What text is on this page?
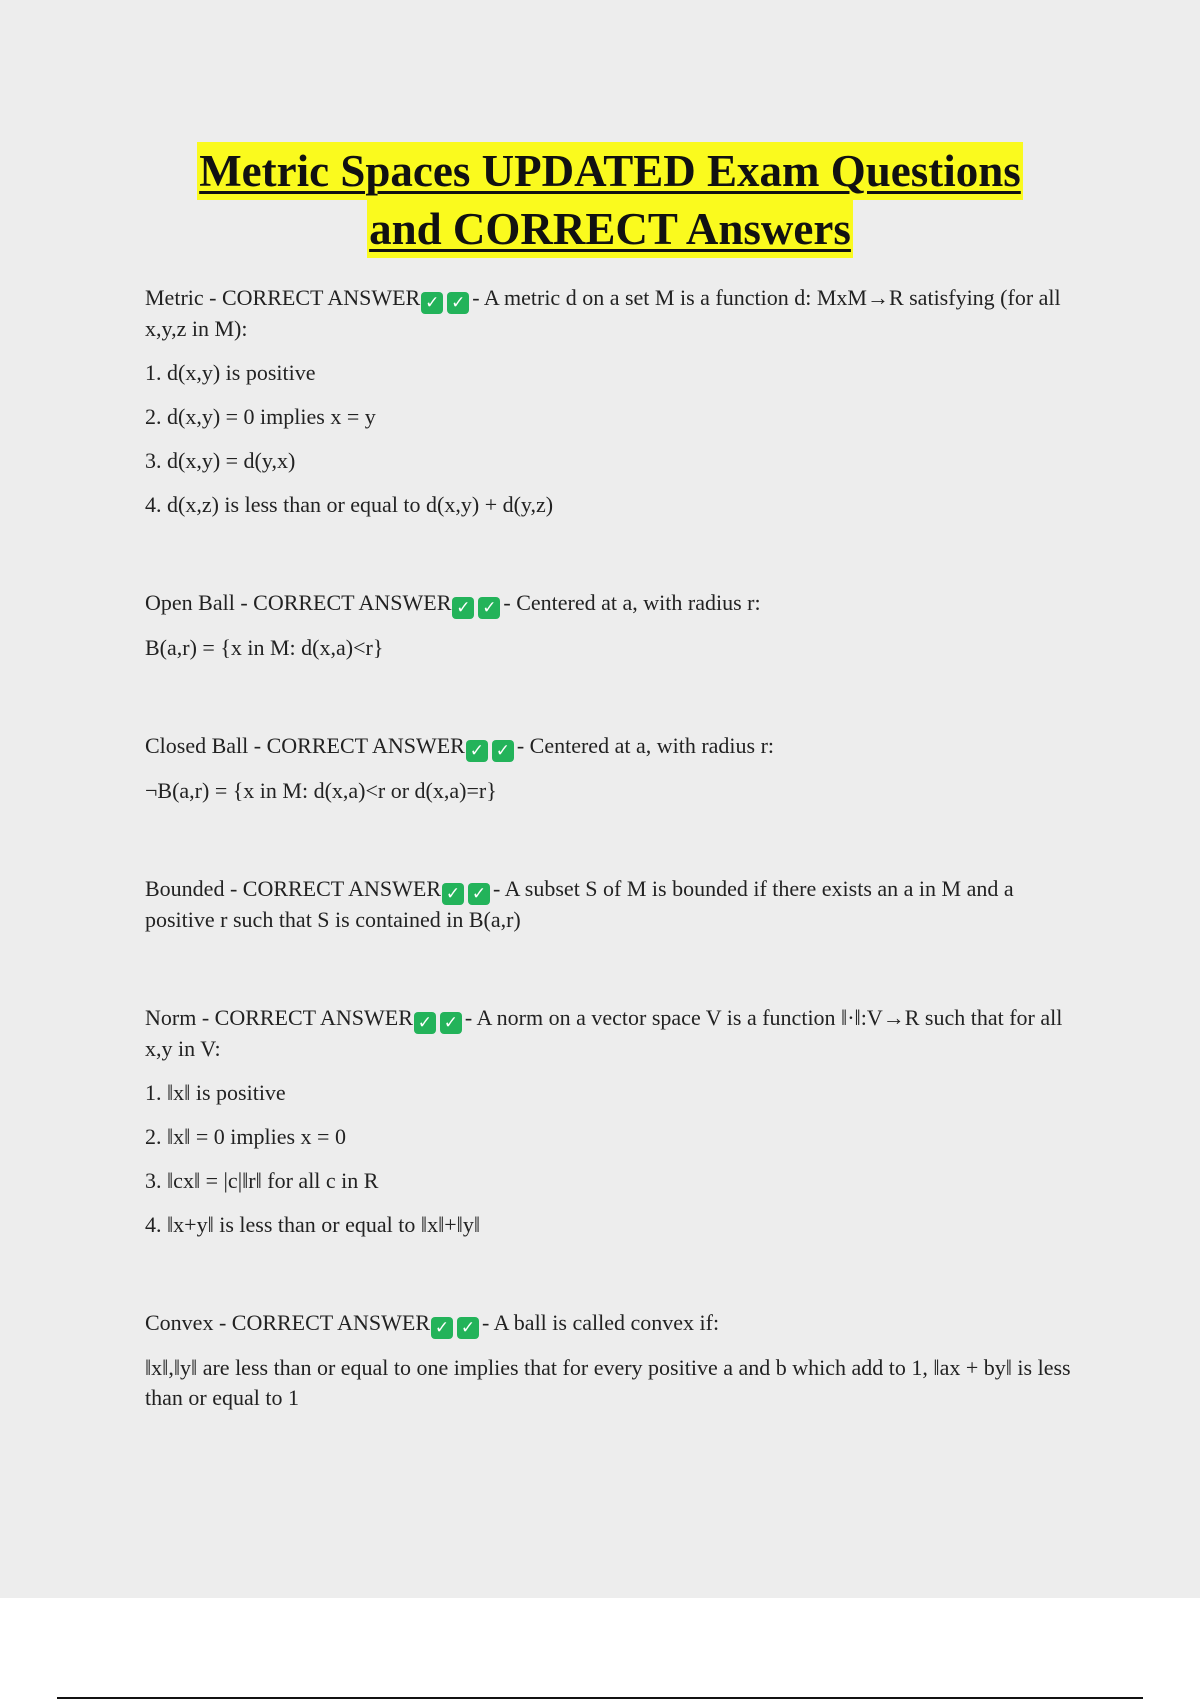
Metric Spaces UPDATED Exam Questions
and CORRECT Answers

Metric - CORRECT ANSWER ✓ ✓ - A metric d on a set M is a function d: MxM→R satisfying (for all x,y,z in M):

1. d(x,y) is positive

2. d(x,y) = 0 implies x = y

3. d(x,y) = d(y,x)

4. d(x,z) is less than or equal to d(x,y) + d(y,z)

Open Ball - CORRECT ANSWER ✓ ✓ - Centered at a, with radius r:

B(a,r) = {x in M: d(x,a)<r}

Closed Ball - CORRECT ANSWER ✓ ✓ - Centered at a, with radius r:

¬B(a,r) = {x in M: d(x,a)<r or d(x,a)=r}

Bounded - CORRECT ANSWER ✓ ✓ - A subset S of M is bounded if there exists an a in M and a positive r such that S is contained in B(a,r)

Norm - CORRECT ANSWER ✓ ✓ - A norm on a vector space V is a function ‖·‖:V→R such that for all x,y in V:

1. ‖x‖ is positive

2. ‖x‖ = 0 implies x = 0

3. ‖cx‖ = |c|‖r‖ for all c in R

4. ‖x+y‖ is less than or equal to ‖x‖+‖y‖

Convex - CORRECT ANSWER ✓ ✓ - A ball is called convex if:

‖x‖,‖y‖ are less than or equal to one implies that for every positive a and b which add to 1, ‖ax + by‖ is less than or equal to 1
